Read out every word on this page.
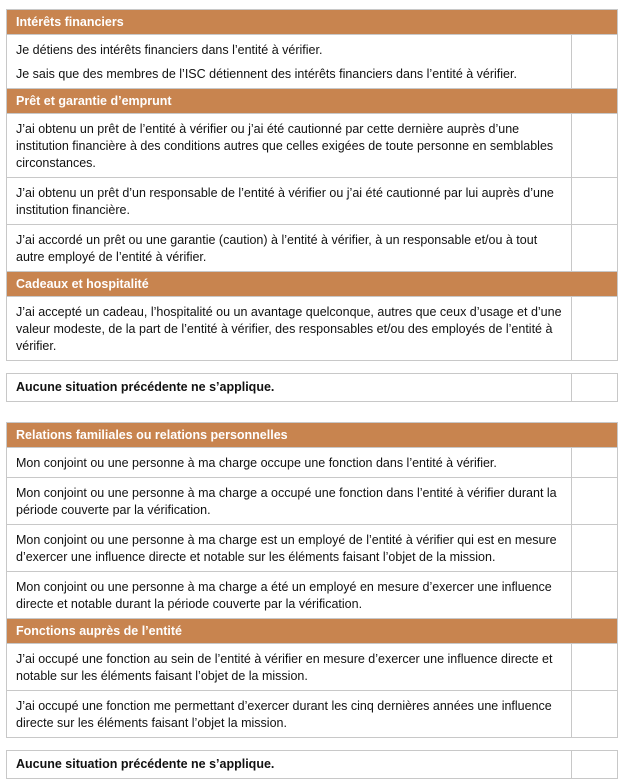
Intérêts financiers	

Je détiens des intérêts financiers dans l’entité à vérifier.
Je sais que des membres de l’ISC détiennent des intérêts financiers dans l’entité à vérifier.	

Prêt et garantie d’emprunt	

J’ai obtenu un prêt de l’entité à vérifier ou j’ai été cautionné par cette dernière auprès d’une institution financière à des conditions autres que celles exigées de toute personne en semblables circonstances.	

J’ai obtenu un prêt d’un responsable de l’entité à vérifier ou j’ai été cautionné par lui auprès d’une institution financière.	

J’ai accordé un prêt ou une garantie (caution) à l’entité à vérifier, à un responsable et/ou à tout autre employé de l’entité à vérifier.	

Cadeaux et hospitalité	

J’ai accepté un cadeau, l’hospitalité ou un avantage quelconque, autres que ceux d’usage et d’une valeur modeste, de la part de l’entité à vérifier, des responsables et/ou des employés de l’entité à vérifier.	

Aucune situation précédente ne s’applique.	
Relations familiales ou relations personnelles	

Mon conjoint ou une personne à ma charge occupe une fonction dans l’entité à vérifier.	

Mon conjoint ou une personne à ma charge a occupé une fonction dans l’entité à vérifier durant la période couverte par la vérification.	

Mon conjoint ou une personne à ma charge est un employé de l’entité à vérifier qui est en mesure d’exercer une influence directe et notable sur les éléments faisant l’objet de la mission.	

Mon conjoint ou une personne à ma charge a été un employé en mesure d’exercer une influence directe et notable durant la période couverte par la vérification.	

Fonctions auprès de l’entité	

J’ai occupé une fonction au sein de l’entité à vérifier en mesure d’exercer une influence directe et notable sur les éléments faisant l’objet de la mission.	

J’ai occupé une fonction me permettant d’exercer durant les cinq dernières années une influence directe sur les éléments faisant l’objet la mission.	

Aucune situation précédente ne s’applique.	
